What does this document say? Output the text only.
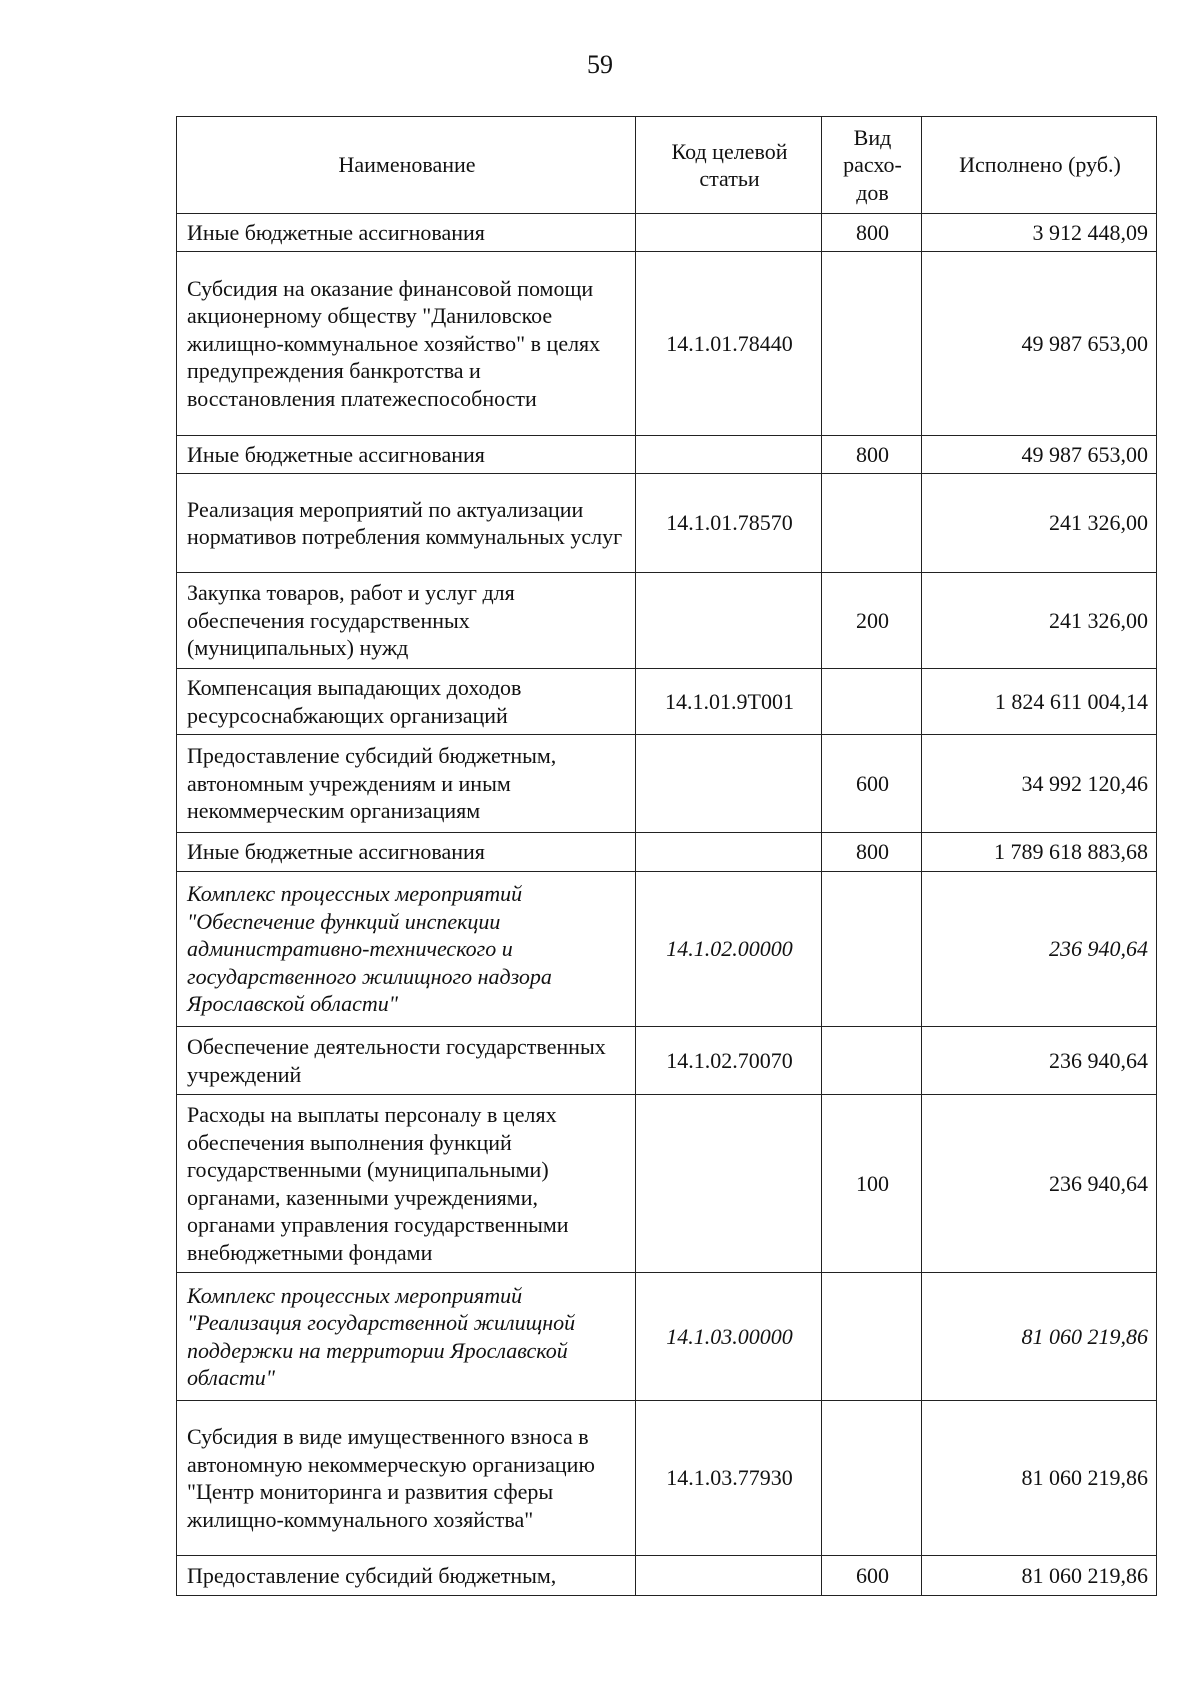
59
Наименование	Код целевой статьи	Вид расхо- дов	Исполнено (руб.)
Иные бюджетные ассигнования		800	3 912 448,09
Субсидия на оказание финансовой помощи акционерному обществу "Даниловское жилищно-коммунальное хозяйство" в целях предупреждения банкротства и восстановления платежеспособности	14.1.01.78440		49 987 653,00
Иные бюджетные ассигнования		800	49 987 653,00
Реализация мероприятий по актуализации нормативов потребления коммунальных услуг	14.1.01.78570		241 326,00
Закупка товаров, работ и услуг для обеспечения государственных (муниципальных) нужд		200	241 326,00
Компенсация выпадающих доходов ресурсоснабжающих организаций	14.1.01.9Т001		1 824 611 004,14
Предоставление субсидий бюджетным, автономным учреждениям и иным некоммерческим организациям		600	34 992 120,46
Иные бюджетные ассигнования		800	1 789 618 883,68
Комплекс процессных мероприятий "Обеспечение функций инспекции административно-технического и государственного жилищного надзора Ярославской области"	14.1.02.00000		236 940,64
Обеспечение деятельности государственных учреждений	14.1.02.70070		236 940,64
Расходы на выплаты персоналу в целях обеспечения выполнения функций государственными (муниципальными) органами, казенными учреждениями, органами управления государственными внебюджетными фондами		100	236 940,64
Комплекс процессных мероприятий "Реализация государственной жилищной поддержки на территории Ярославской области"	14.1.03.00000		81 060 219,86
Субсидия в виде имущественного взноса в автономную некоммерческую организацию "Центр мониторинга и развития сферы жилищно-коммунального хозяйства"	14.1.03.77930		81 060 219,86
Предоставление субсидий бюджетным,		600	81 060 219,86
